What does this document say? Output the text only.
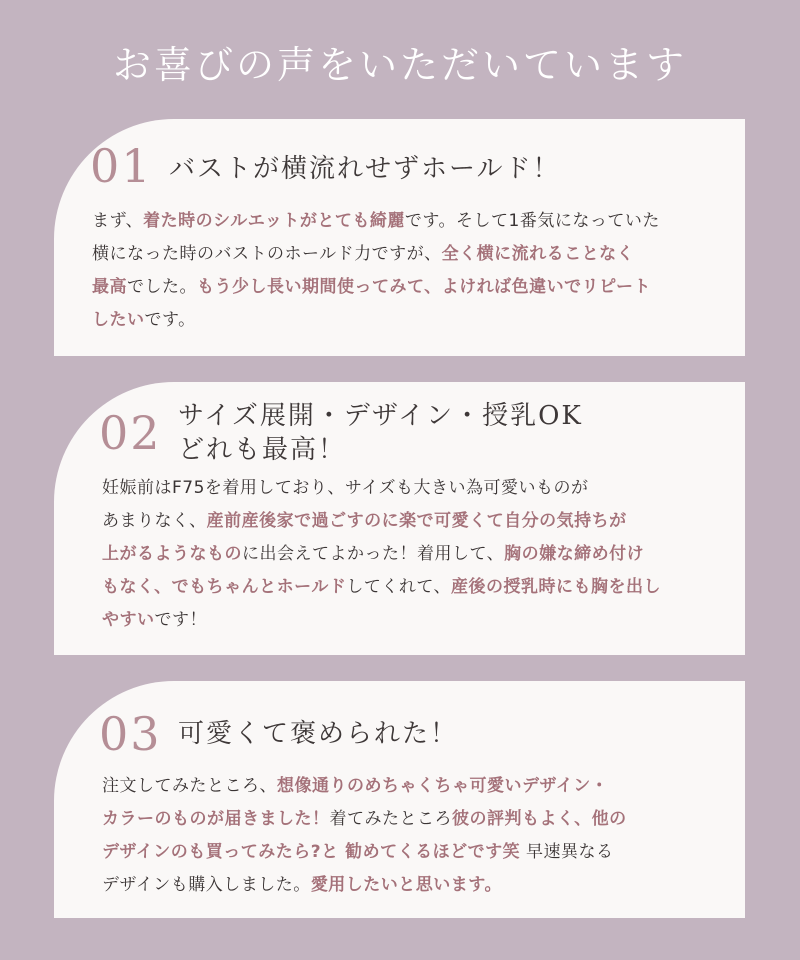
お喜びの声をいただいています
01 バストが横流れせずホールド！
まず、着た時のシルエットがとても綺麗です。そして1番気になっていた
横になった時のバストのホールド力ですが、全く横に流れることなく
最高でした。もう少し長い期間使ってみて、よければ色違いでリピート
したいです。
02 サイズ展開・デザイン・授乳OK
どれも最高！
妊娠前はF75を着用しており、サイズも大きい為可愛いものが
あまりなく、産前産後家で過ごすのに楽で可愛くて自分の気持ちが
上がるようなものに出会えてよかった！着用して、胸の嫌な締め付け
もなく、でもちゃんとホールドしてくれて、産後の授乳時にも胸を出し
やすいです！
03 可愛くて褒められた！
注文してみたところ、想像通りのめちゃくちゃ可愛いデザイン・
カラーのものが届きました！着てみたところ彼の評判もよく、他の
デザインのも買ってみたら?と 勧めてくるほどです笑 早速異なる
デザインも購入しました。愛用したいと思います。
